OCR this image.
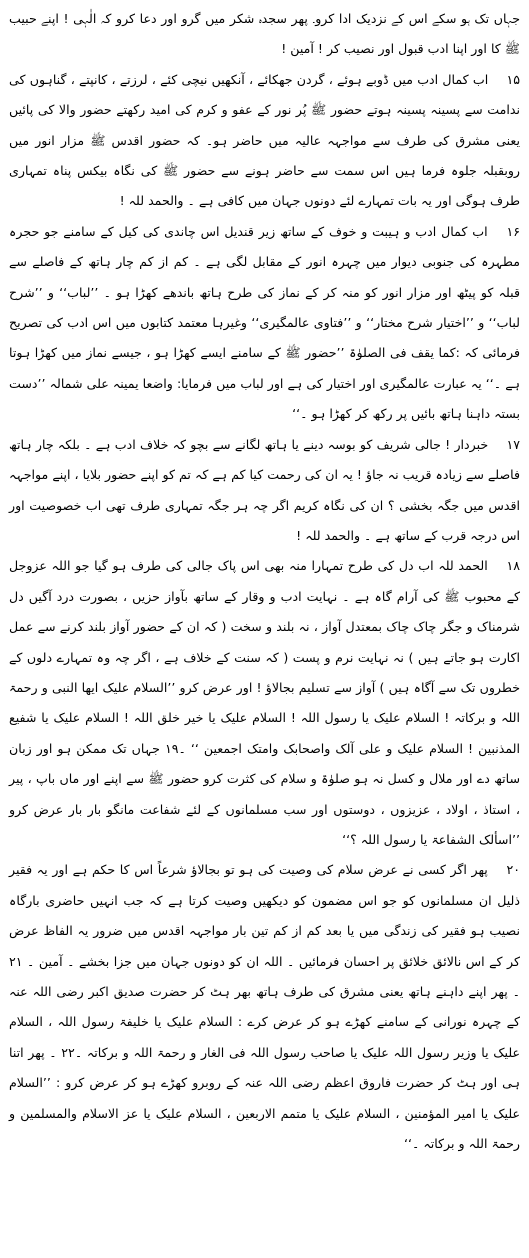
جہاں تک ہو سکے اس کے نزدیک ادا کرو۔ پھر سجدہ شکر میں گرو اور دعا کرو کہ الٰہی ! اپنے حبیب ﷺ کا اور اپنا ادب قبول اور نصیب کر ! آمین !

۱۵ اب کمال ادب میں ڈوبے ہوئے ، گردن جھکائے ، آنکھیں نیچی کئے ، لرزتے ، کانپتے ، گناہوں کی ندامت سے پسینہ پسینہ ہوتے حضور ﷺ پُر نور کے عفو و کرم کی امید رکھتے حضور والا کی پائیں یعنی مشرق کی طرف سے مواجہہ عالیہ میں حاضر ہو۔ کہ حضور اقدس ﷺ مزار انور میں روبقبلہ جلوہ فرما ہیں اس سمت سے حاضر ہونے سے حضور ﷺ کی نگاہ بیکس پناہ تمہاری طرف ہوگی اور یہ بات تمہارے لئے دونوں جہان میں کافی ہے ۔ والحمد للہ !

۱۶ اب کمال ادب و ہیبت و خوف کے ساتھ زیر قندیل اس چاندی کی کیل کے سامنے جو حجرہ مطہرہ کی جنوبی دیوار میں چہرہ انور کے مقابل لگی ہے ۔ کم از کم چار ہاتھ کے فاصلے سے قبلہ کو پیٹھ اور مزار انور کو منہ کر کے نماز کی طرح ہاتھ باندھے کھڑا ہو ۔ ’’لباب‘‘ و ’’شرح لباب‘‘ و ’’اختیار شرح مختار‘‘ و ’’فتاوی عالمگیری‘‘ وغیرہا معتمد کتابوں میں اس ادب کی تصریح فرمائی کہ :کما یقف فی الصلوٰۃ ’’حضور ﷺ کے سامنے ایسے کھڑا ہو ، جیسے نماز میں کھڑا ہوتا ہے ۔‘‘ یہ عبارت عالمگیری اور اختیار کی ہے اور لباب میں فرمایا: واضعا یمینہ علی شمالہ ’’دست بستہ داہنا ہاتھ بائیں پر رکھ کر کھڑا ہو ۔‘‘

۱۷ خبردار ! جالی شریف کو بوسہ دینے یا ہاتھ لگانے سے بچو کہ خلاف ادب ہے ۔ بلکہ چار ہاتھ فاصلے سے زیادہ قریب نہ جاؤ ! یہ ان کی رحمت کیا کم ہے کہ تم کو اپنے حضور بلایا ، اپنے مواجہہ اقدس میں جگہ بخشی ؟ ان کی نگاہ کریم اگر چہ ہر جگہ تمہاری طرف تھی اب خصوصیت اور اس درجہ قرب کے ساتھ ہے ۔ والحمد للہ !

۱۸ الحمد للہ اب دل کی طرح تمہارا منہ بھی اس پاک جالی کی طرف ہو گیا جو اللہ عزوجل کے محبوب ﷺ کی آرام گاہ ہے ۔ نہایت ادب و وقار کے ساتھ بآواز حزیں ، بصورت درد آگیں دل شرمناک و جگر چاک چاک بمعتدل آواز ، نہ بلند و سخت ( کہ ان کے حضور آواز بلند کرنے سے عمل اکارت ہو جاتے ہیں ) نہ نہایت نرم و پست ( کہ سنت کے خلاف ہے ، اگر چہ وہ تمہارے دلوں کے خطروں تک سے آگاہ ہیں ) آواز سے تسلیم بجالاؤ ! اور عرض کرو ’’السلام علیک ایھا النبی و رحمۃ اللہ و برکاتہ ! السلام علیک یا رسول اللہ ! السلام علیک یا خیر خلق اللہ ! السلام علیک یا شفیع المذنبین ! السلام علیک و علی آلک واصحابک وامتک اجمعین ‘‘ ۔۱۹ جہاں تک ممکن ہو اور زبان ساتھ دے اور ملال و کسل نہ ہو صلوٰۃ و سلام کی کثرت کرو حضور ﷺ سے اپنے اور ماں باپ ، پیر ، استاذ ، اولاد ، عزیزوں ، دوستوں اور سب مسلمانوں کے لئے شفاعت مانگو بار بار عرض کرو ’’اسألک الشفاعۃ یا رسول اللہ ؟‘‘

۲۰ پھر اگر کسی نے عرض سلام کی وصیت کی ہو تو بجالاؤ شرعاً اس کا حکم ہے اور یہ فقیر ذلیل ان مسلمانوں کو جو اس مضمون کو دیکھیں وصیت کرتا ہے کہ جب انہیں حاضری بارگاہ نصیب ہو فقیر کی زندگی میں یا بعد کم از کم تین بار مواجہہ اقدس میں ضرور یہ الفاظ عرض کر کے اس نالائق خلائق پر احسان فرمائیں ۔ اللہ ان کو دونوں جہان میں جزا بخشے ۔ آمین ۔ ۲۱ ۔ پھر اپنے داہنے ہاتھ یعنی مشرق کی طرف ہاتھ بھر ہٹ کر حضرت صدیق اکبر رضی اللہ عنہ کے چہرہ نورانی کے سامنے کھڑے ہو کر عرض کرے : السلام علیک یا خلیفۃ رسول اللہ ، السلام علیک یا وزیر رسول اللہ علیک یا صاحب رسول اللہ فی الغار و رحمۃ اللہ و برکاتہ ۔۲۲ ۔ پھر اتنا ہی اور ہٹ کر حضرت فاروق اعظم رضی اللہ عنہ کے روبرو کھڑے ہو کر عرض کرو : ’’السلام علیک یا امیر المؤمنین ، السلام علیک یا متمم الاربعین ، السلام علیک یا عز الاسلام والمسلمین و رحمۃ اللہ و برکاتہ ۔‘‘
